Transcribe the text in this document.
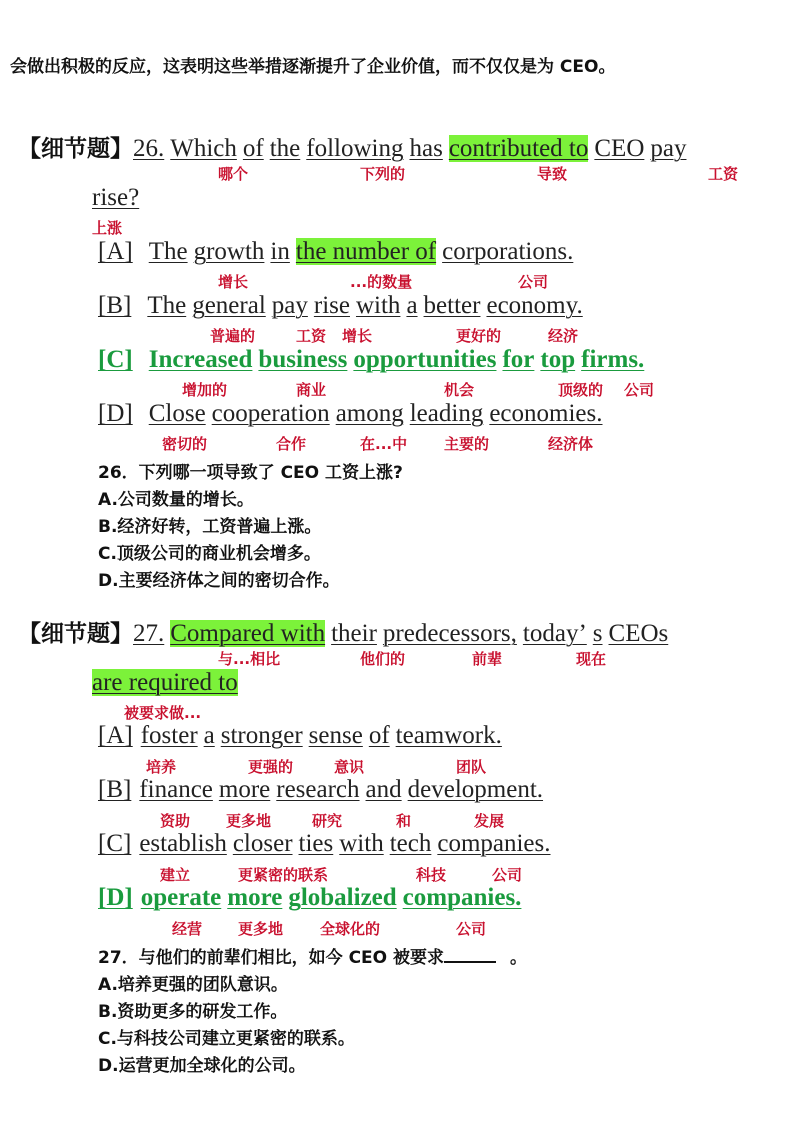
会做出积极的反应，这表明这些举措逐渐提升了企业价值，而不仅仅是为 CEO。
【细节题】26. Which of the following has contributed to CEO pay
哪个	下列的	导致	工资
rise?
上涨
[A] The growth in the number of corporations.
增长	...的数量	公司
[B] The general pay rise with a better economy.
普遍的	工资 增长	更好的	经济
[C] Increased business opportunities for top firms.
增加的	商业	机会	顶级的 公司
[D] Close cooperation among leading economies.
密切的	合作	在...中 主要的	经济体
26．下列哪一项导致了 CEO 工资上涨?
A.公司数量的增长。
B.经济好转，工资普遍上涨。
C.顶级公司的商业机会增多。
D.主要经济体之间的密切合作。
【细节题】27. Compared with their predecessors, today’ s CEOs
与...相比	他们的	前辈	现在
are required to
被要求做...
[A] foster a stronger sense of teamwork.
培养	更强的	意识	团队
[B] finance more research and development.
资助 更多地	研究	和	发展
[C] establish closer ties with tech companies.
建立	更紧密的联系	科技	公司
[D] operate more globalized companies.
经营 更多地 全球化的	公司
27．与他们的前辈们相比，如今 CEO 被要求	。
A.培养更强的团队意识。
B.资助更多的研发工作。
C.与科技公司建立更紧密的联系。
D.运营更加全球化的公司。
